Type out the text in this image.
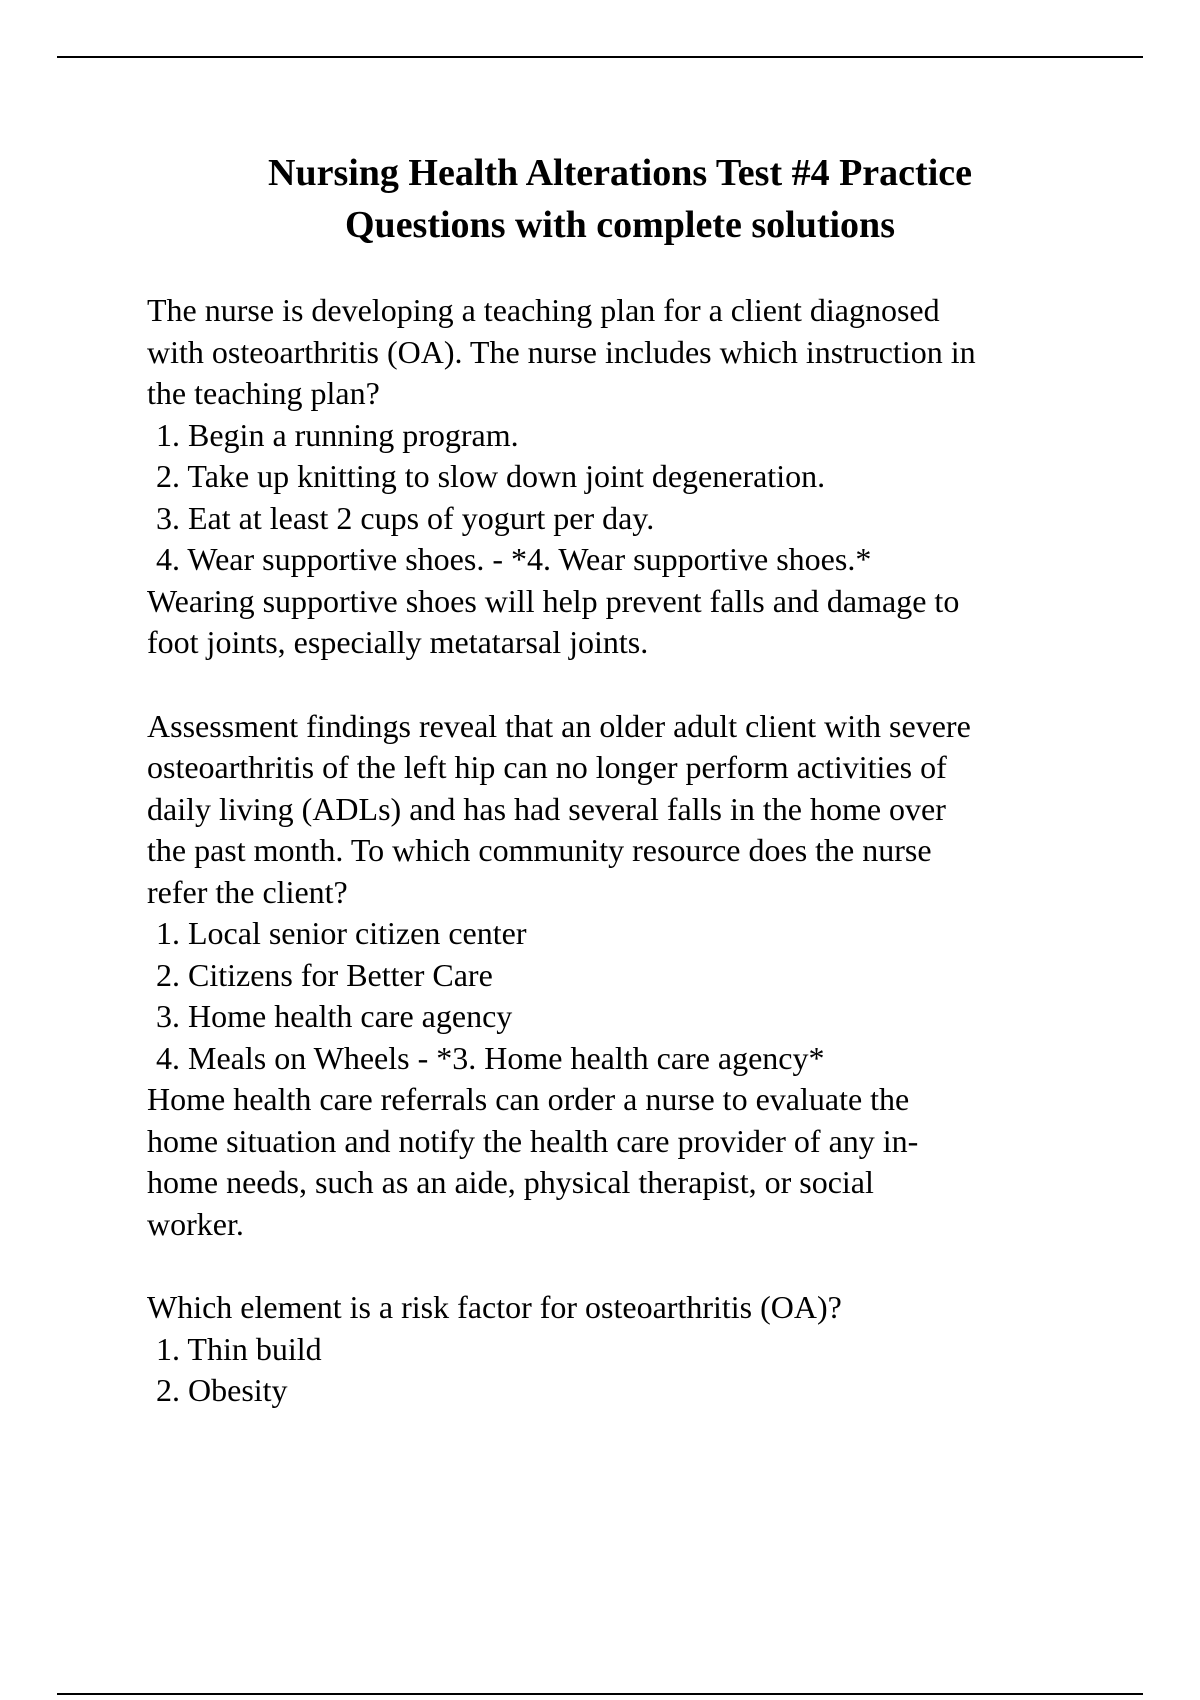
Nursing Health Alterations Test #4 Practice
Questions with complete solutions
The nurse is developing a teaching plan for a client diagnosed
with osteoarthritis (OA). The nurse includes which instruction in
the teaching plan?
1. Begin a running program.
2. Take up knitting to slow down joint degeneration.
3. Eat at least 2 cups of yogurt per day.
4. Wear supportive shoes. - *4. Wear supportive shoes.*
Wearing supportive shoes will help prevent falls and damage to
foot joints, especially metatarsal joints.
Assessment findings reveal that an older adult client with severe
osteoarthritis of the left hip can no longer perform activities of
daily living (ADLs) and has had several falls in the home over
the past month. To which community resource does the nurse
refer the client?
1. Local senior citizen center
2. Citizens for Better Care
3. Home health care agency
4. Meals on Wheels - *3. Home health care agency*
Home health care referrals can order a nurse to evaluate the
home situation and notify the health care provider of any in-
home needs, such as an aide, physical therapist, or social
worker.
Which element is a risk factor for osteoarthritis (OA)?
1. Thin build
2. Obesity
